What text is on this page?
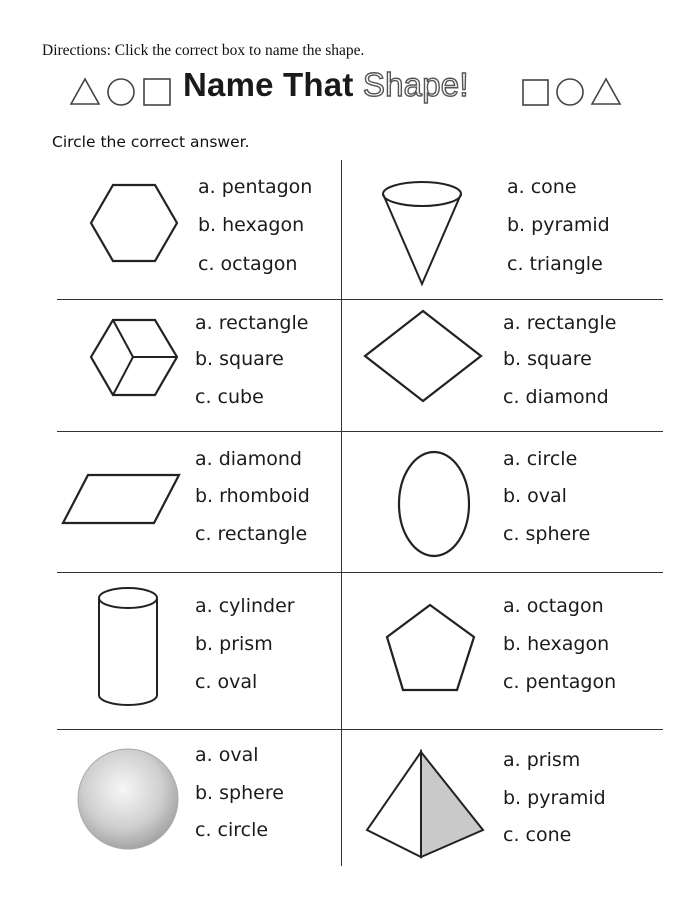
Directions: Click the correct box to name the shape.
Name That Shape!
Circle the correct answer.
a. pentagon
b. hexagon
c. octagon
a. cone
b. pyramid
c. triangle
a. rectangle
b. square
c. cube
a. rectangle
b. square
c. diamond
a. diamond
b. rhomboid
c. rectangle
a. circle
b. oval
c. sphere
a. cylinder
b. prism
c. oval
a. octagon
b. hexagon
c. pentagon
a. oval
b. sphere
c. circle
a. prism
b. pyramid
c. cone
